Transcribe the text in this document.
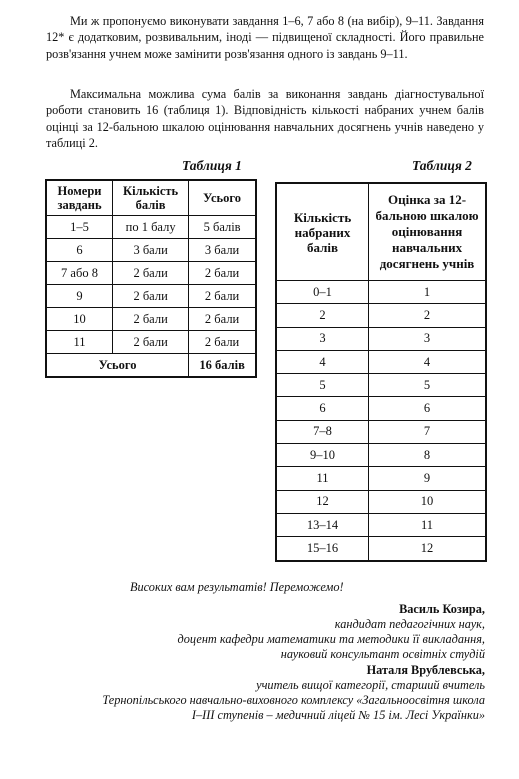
Ми ж пропонуємо виконувати завдання 1–6, 7 або 8 (на вибір), 9–11. Завдання 12* є додатковим, розвивальним, іноді — підвищеної складності. Його правильне розв'язання учнем може замінити розв'язання одного із завдань 9–11.

Максимальна можлива сума балів за виконання завдань діагностувальної роботи становить 16 (таблиця 1). Відповідність кількості набраних учнем балів оцінці за 12-бальною шкалою оцінювання навчальних досягнень учнів наведено у таблиці 2.

Таблиця 1	Таблиця 2
Номери завдань	Кількість балів	Усього
1–5	по 1 балу	5 балів
6	3 бали	3 бали
7 або 8	2 бали	2 бали
9	2 бали	2 бали
10	2 бали	2 бали
11	2 бали	2 бали
Усього		16 балів
Кількість набраних балів	Оцінка за 12-бальною шкалою оцінювання навчальних досягнень учнів
0–1	1
2	2
3	3
4	4
5	5
6	6
7–8	7
9–10	8
11	9
12	10
13–14	11
15–16	12
Високих вам результатів! Переможемо!
Василь Козира,
кандидат педагогічних наук,
доцент кафедри математики та методики її викладання,
науковий консультант освітніх студій
Наталя Врублевська,
учитель вищої категорії, старший вчитель
Тернопільського навчально-виховного комплексу «Загальноосвітня школа
І–ІІІ ступенів – медичний ліцей № 15 ім. Лесі Українки»
